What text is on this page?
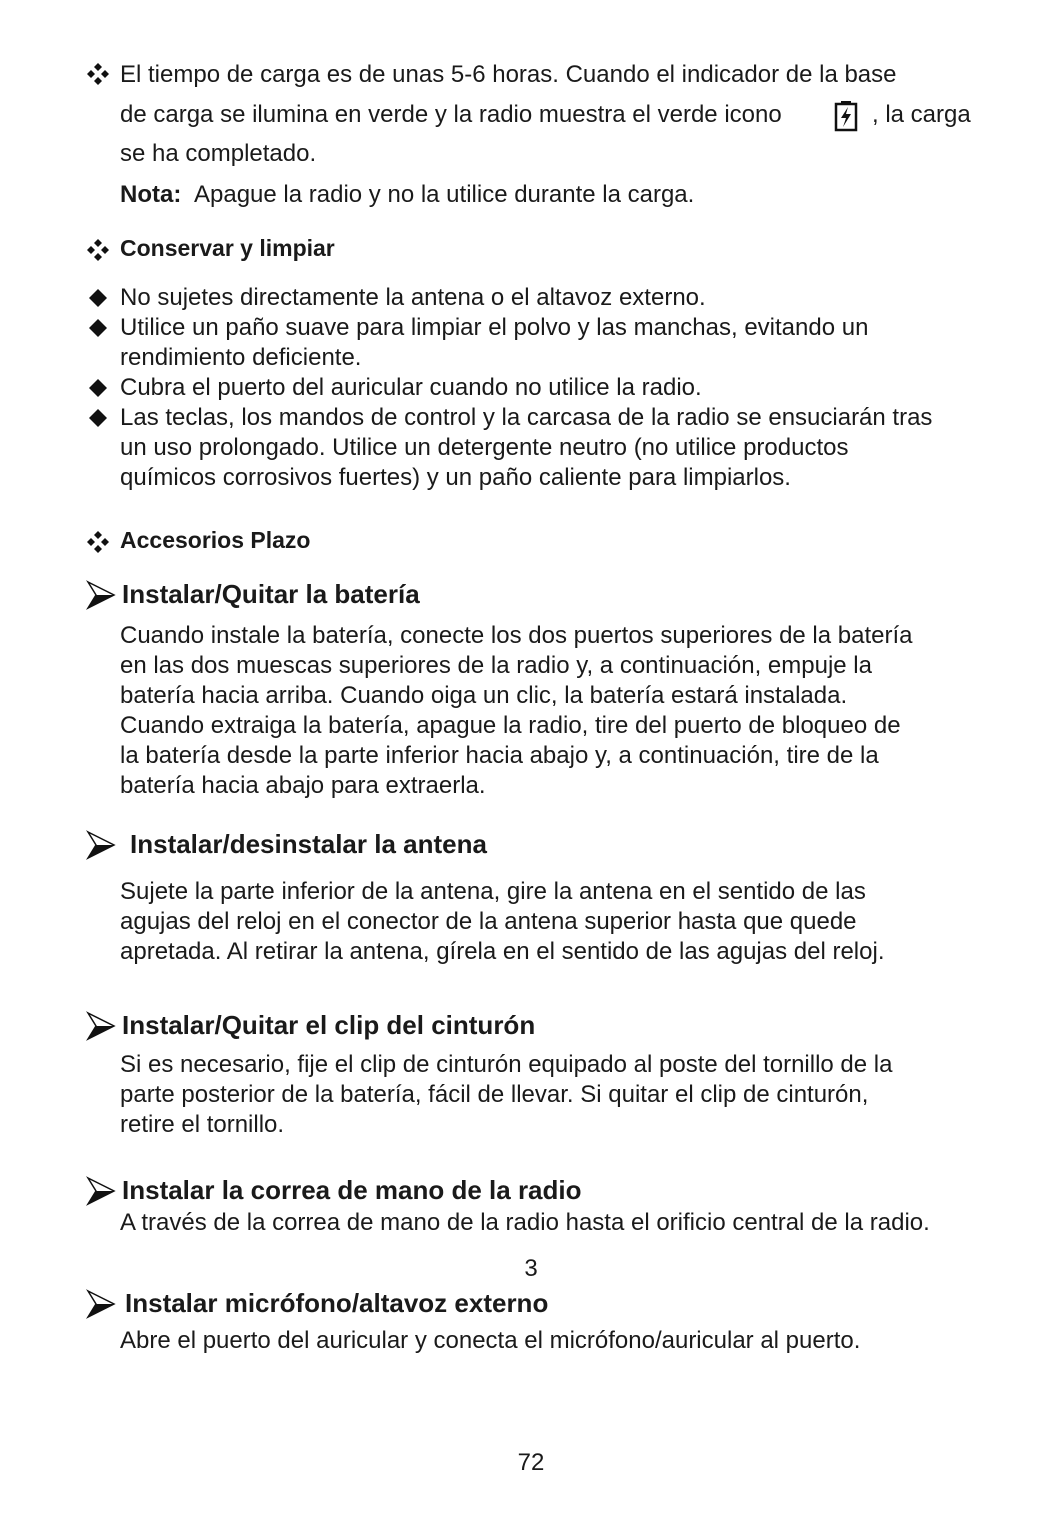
El tiempo de carga es de unas 5-6 horas. Cuando el indicador de la base
de carga se ilumina en verde y la radio muestra el verde icono	, la carga
se ha completado.
Nota: Apague la radio y no la utilice durante la carga.
Conservar y limpiar
No sujetes directamente la antena o el altavoz externo.
Utilice un paño suave para limpiar el polvo y las manchas, evitando un
rendimiento deficiente.
Cubra el puerto del auricular cuando no utilice la radio.
Las teclas, los mandos de control y la carcasa de la radio se ensuciarán tras
un uso prolongado. Utilice un detergente neutro (no utilice productos
químicos corrosivos fuertes) y un paño caliente para limpiarlos.
Accesorios Plazo
Instalar/Quitar la batería
Cuando instale la batería, conecte los dos puertos superiores de la batería
en las dos muescas superiores de la radio y, a continuación, empuje la
batería hacia arriba. Cuando oiga un clic, la batería estará instalada.
Cuando extraiga la batería, apague la radio, tire del puerto de bloqueo de
la batería desde la parte inferior hacia abajo y, a continuación, tire de la
batería hacia abajo para extraerla.
Instalar/desinstalar la antena
Sujete la parte inferior de la antena, gire la antena en el sentido de las
agujas del reloj en el conector de la antena superior hasta que quede
apretada. Al retirar la antena, gírela en el sentido de las agujas del reloj.
Instalar/Quitar el clip del cinturón
Si es necesario, fije el clip de cinturón equipado al poste del tornillo de la
parte posterior de la batería, fácil de llevar. Si quitar el clip de cinturón,
retire el tornillo.
Instalar la correa de mano de la radio
A través de la correa de mano de la radio hasta el orificio central de la radio.
3
Instalar micrófono/altavoz externo
Abre el puerto del auricular y conecta el micrófono/auricular al puerto.
72
